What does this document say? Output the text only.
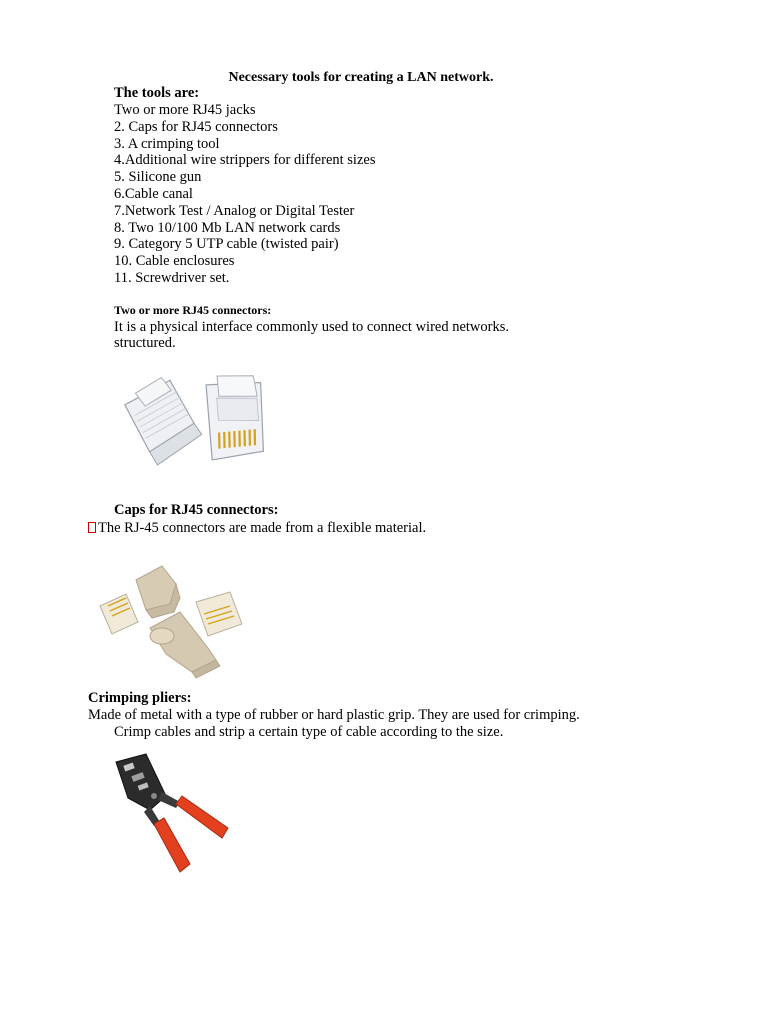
Necessary tools for creating a LAN network.
The tools are:
Two or more RJ45 jacks
2. Caps for RJ45 connectors
3. A crimping tool
4.Additional wire strippers for different sizes
5. Silicone gun
6.Cable canal
7.Network Test / Analog or Digital Tester
8. Two 10/100 Mb LAN network cards
9. Category 5 UTP cable (twisted pair)
10. Cable enclosures
11. Screwdriver set.
Two or more RJ45 connectors:
It is a physical interface commonly used to connect wired networks.
structured.
Caps for RJ45 connectors:
The RJ-45 connectors are made from a flexible material.
Crimping pliers:
Made of metal with a type of rubber or hard plastic grip. They are used for crimping.
Crimp cables and strip a certain type of cable according to the size.
